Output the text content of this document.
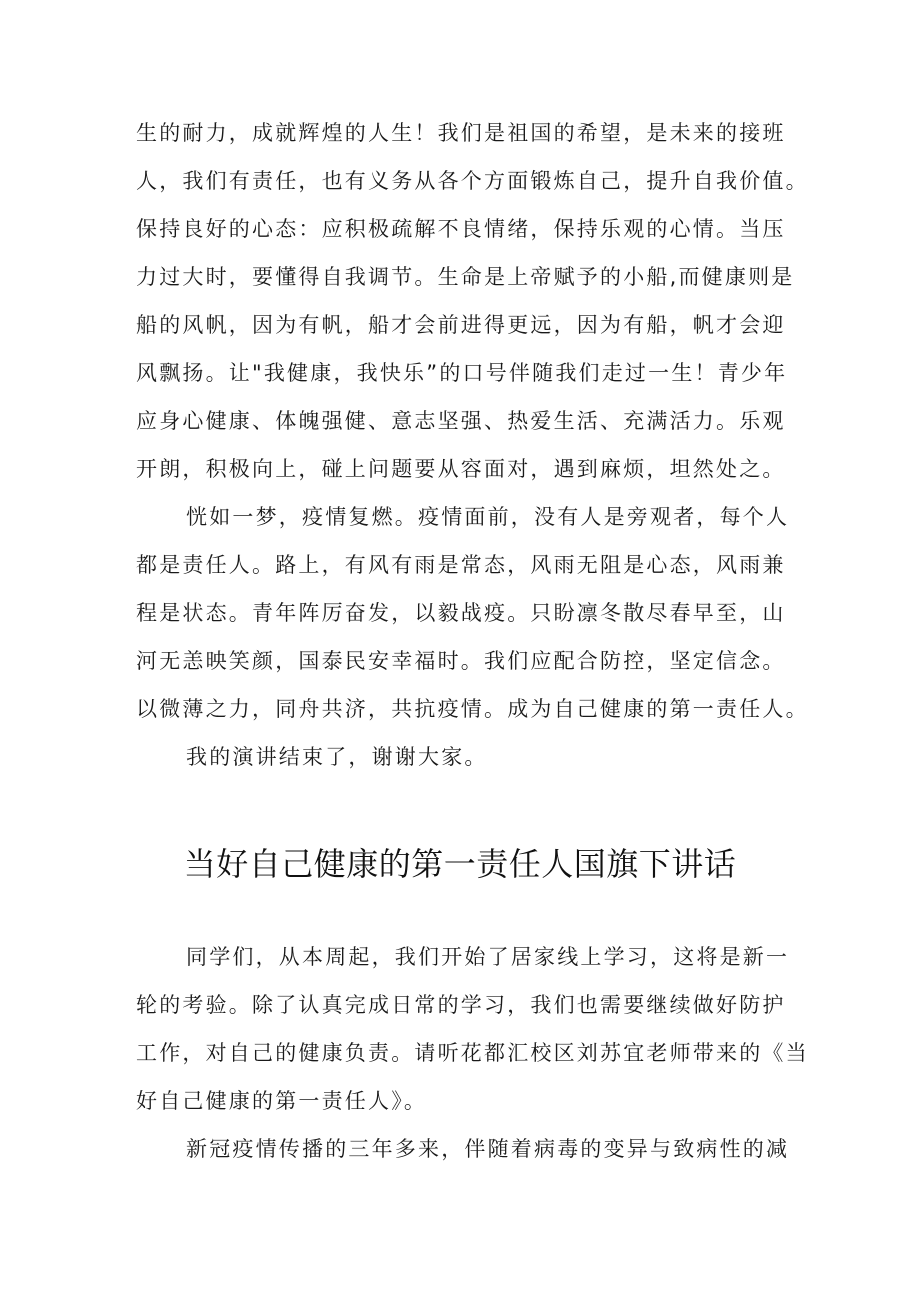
生的耐力，成就辉煌的人生！我们是祖国的希望，是未来的接班
人，我们有责任，也有义务从各个方面锻炼自己，提升自我价值。
保持良好的心态：应积极疏解不良情绪，保持乐观的心情。当压
力过大时，要懂得自我调节。生命是上帝赋予的小船,而健康则是
船的风帆，因为有帆，船才会前进得更远，因为有船，帆才会迎
风飘扬。让"我健康，我快乐”的口号伴随我们走过一生！青少年
应身心健康、体魄强健、意志坚强、热爱生活、充满活力。乐观
开朗，积极向上，碰上问题要从容面对，遇到麻烦，坦然处之。
恍如一梦，疫情复燃。疫情面前，没有人是旁观者，每个人
都是责任人。路上，有风有雨是常态，风雨无阻是心态，风雨兼
程是状态。青年阵厉奋发，以毅战疫。只盼凛冬散尽春早至，山
河无恙映笑颜，国泰民安幸福时。我们应配合防控，坚定信念。
以微薄之力，同舟共济，共抗疫情。成为自己健康的第一责任人。
我的演讲结束了，谢谢大家。
当好自己健康的第一责任人国旗下讲话
同学们，从本周起，我们开始了居家线上学习，这将是新一
轮的考验。除了认真完成日常的学习，我们也需要继续做好防护
工作，对自己的健康负责。请听花都汇校区刘苏宜老师带来的《当
好自己健康的第一责任人》。
新冠疫情传播的三年多来，伴随着病毒的变异与致病性的减
